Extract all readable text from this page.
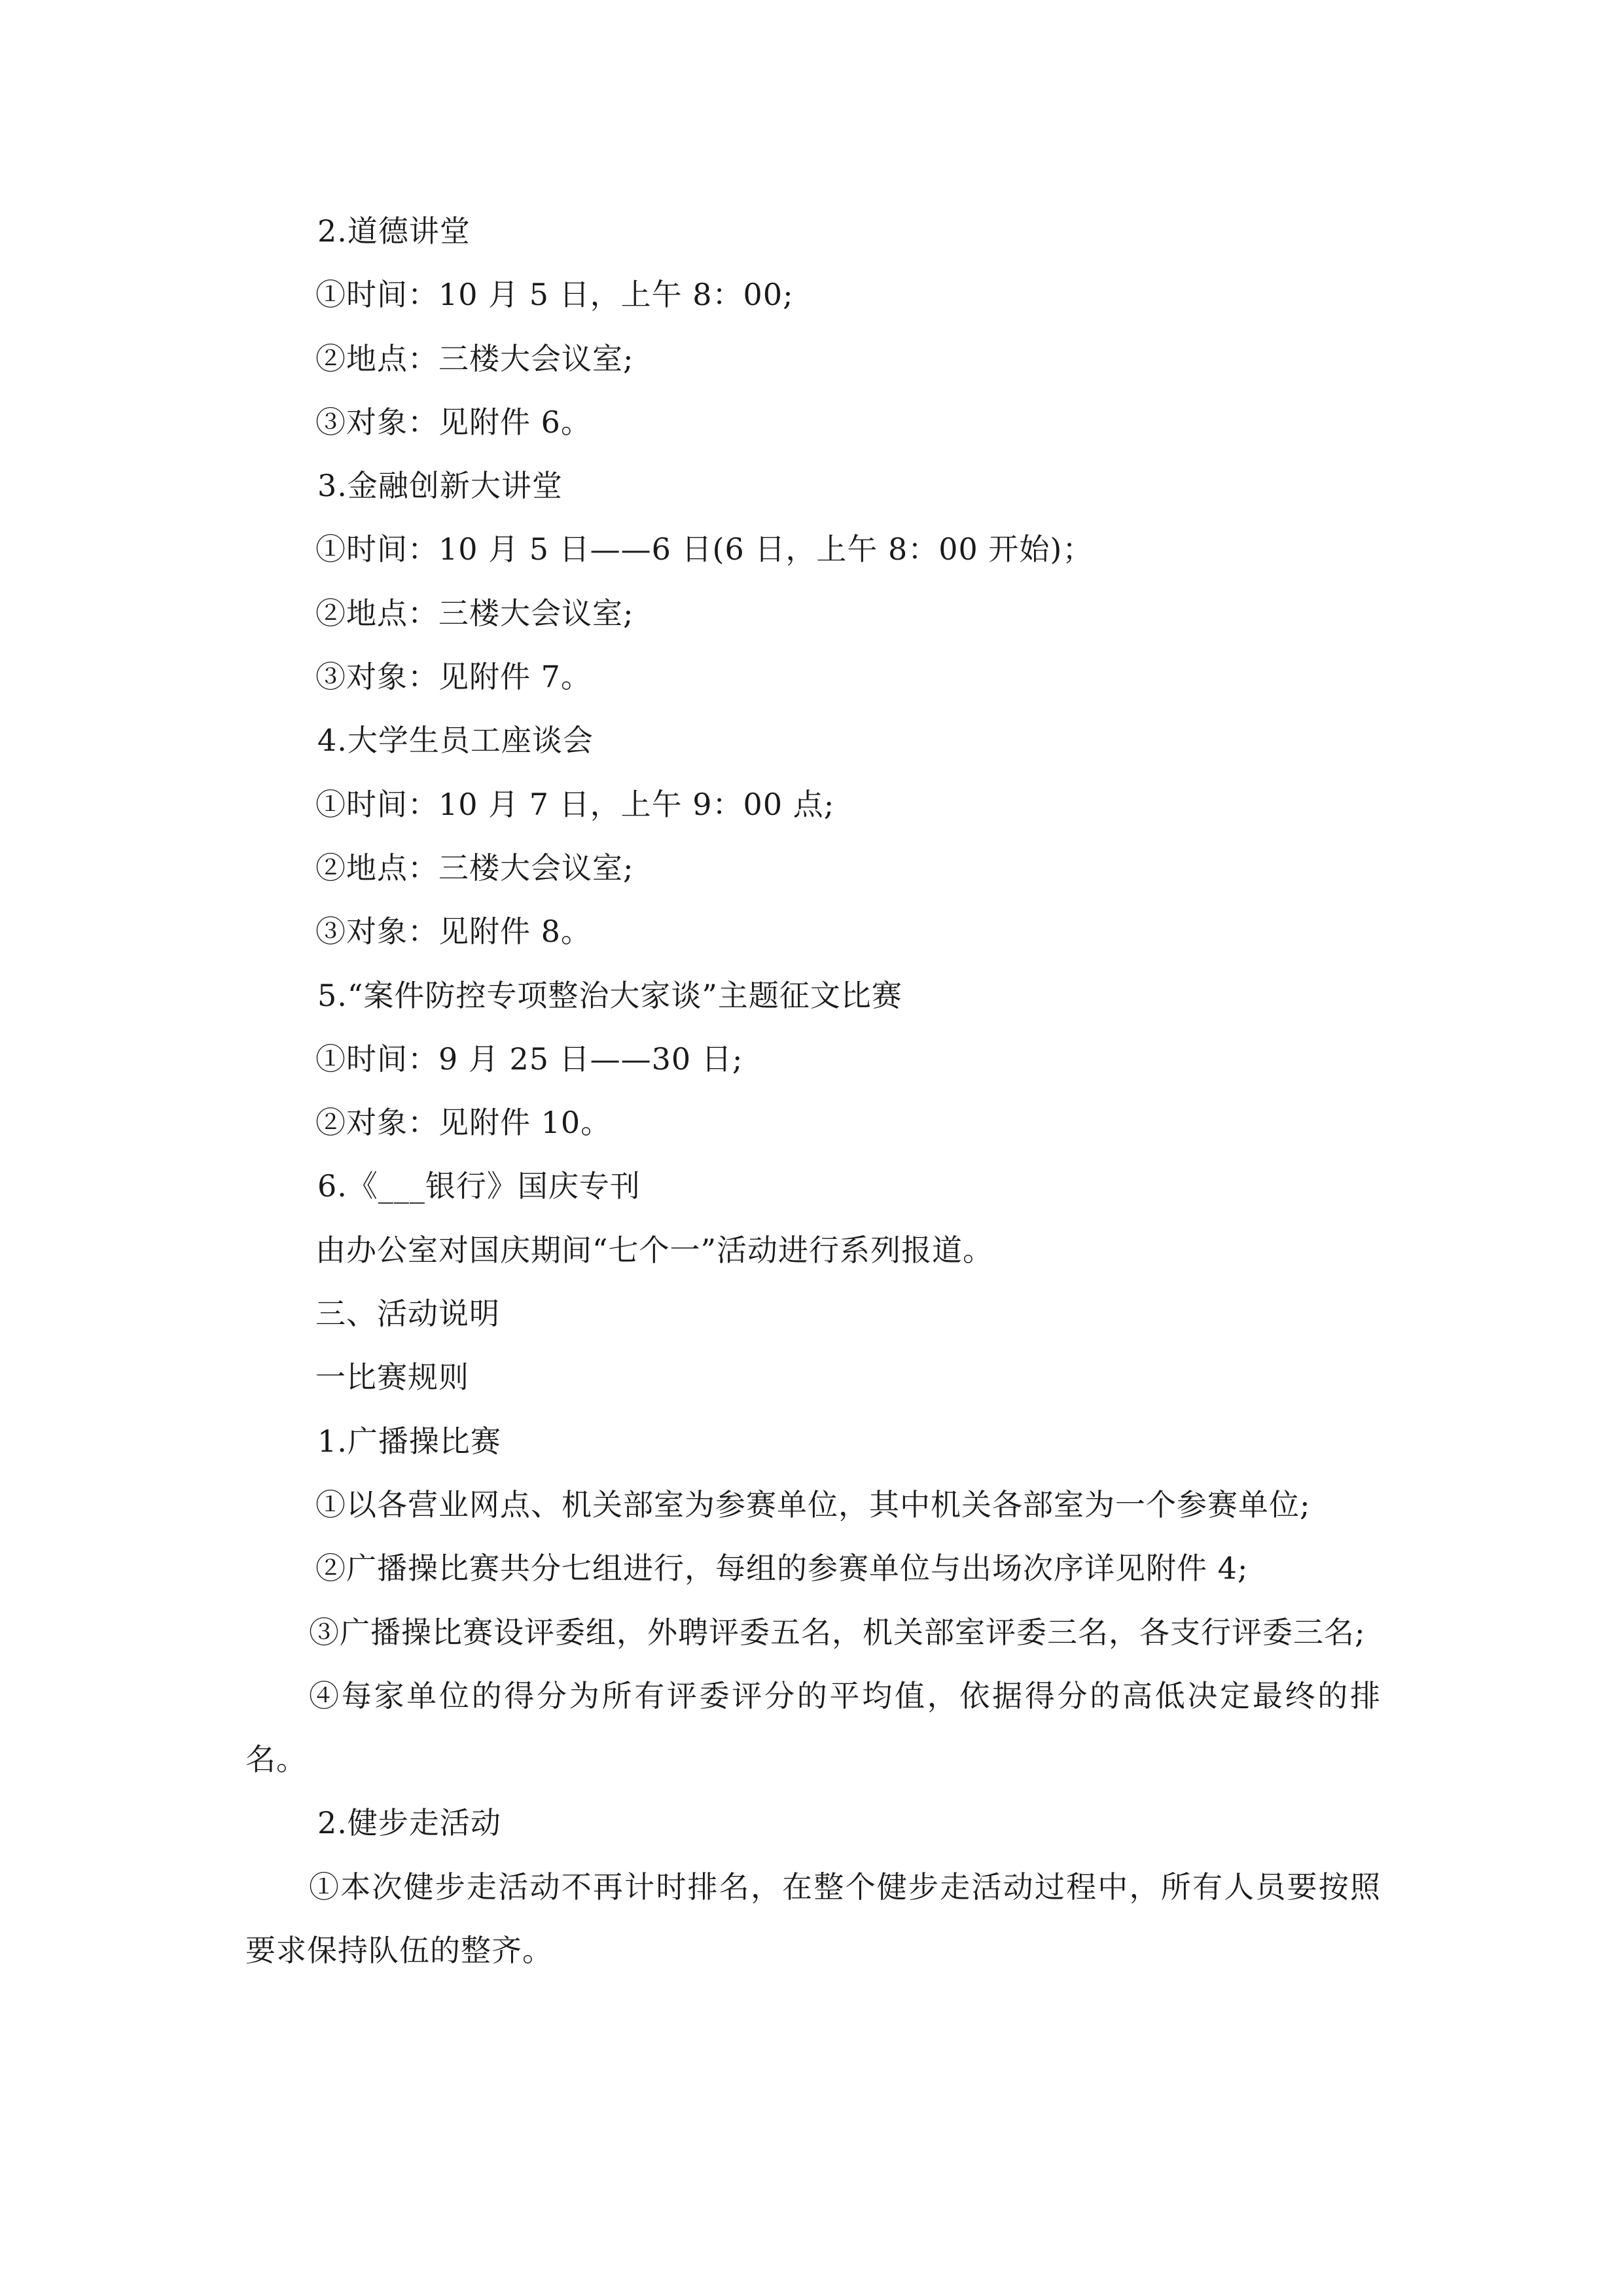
2.道德讲堂
①时间：10 月 5 日，上午 8：00;
②地点：三楼大会议室;
③对象：见附件 6。
3.金融创新大讲堂
①时间：10 月 5 日——6 日(6 日，上午 8：00 开始)；
②地点：三楼大会议室;
③对象：见附件 7。
4.大学生员工座谈会
①时间：10 月 7 日，上午 9：00 点;
②地点：三楼大会议室;
③对象：见附件 8。
5.“案件防控专项整治大家谈”主题征文比赛
①时间：9 月 25 日——30 日;
②对象：见附件 10。
6.《___银行》国庆专刊
由办公室对国庆期间“七个一”活动进行系列报道。
三、活动说明
一比赛规则
1.广播操比赛
①以各营业网点、机关部室为参赛单位，其中机关各部室为一个参赛单位;
②广播操比赛共分七组进行，每组的参赛单位与出场次序详见附件 4;
③广播操比赛设评委组，外聘评委五名，机关部室评委三名，各支行评委三名;
④每家单位的得分为所有评委评分的平均值，依据得分的高低决定最终的排名。
2.健步走活动
①本次健步走活动不再计时排名，在整个健步走活动过程中，所有人员要按照要求保持队伍的整齐。
